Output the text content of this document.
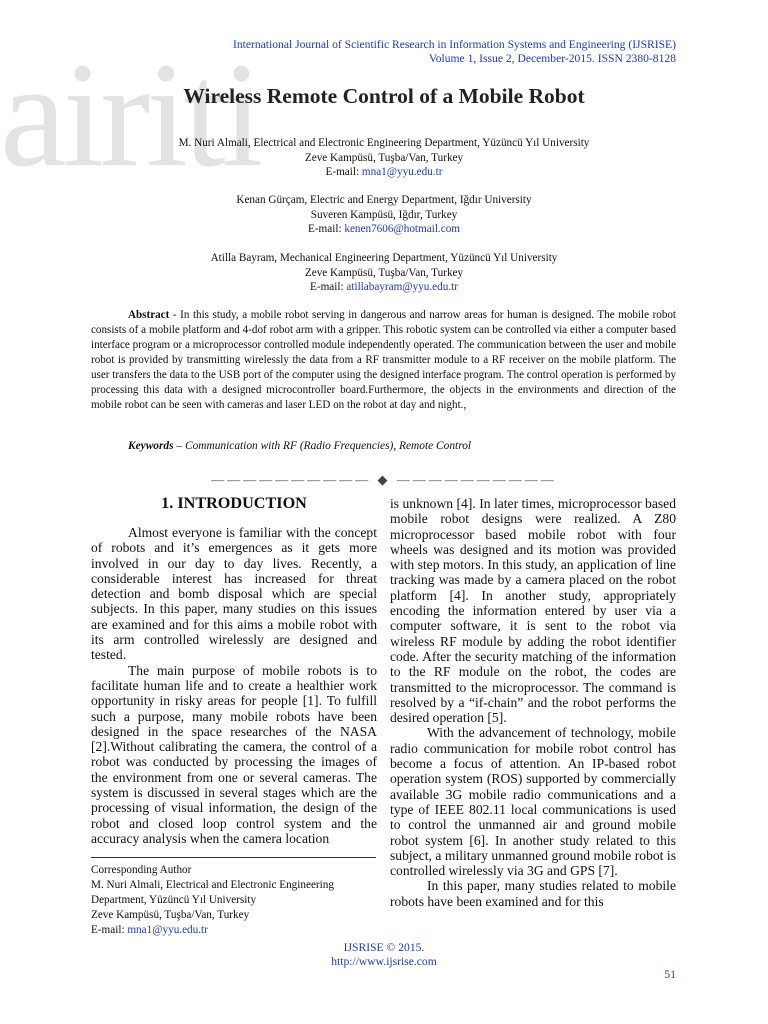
airiti
International Journal of Scientific Research in Information Systems and Engineering (IJSRISE)
Volume 1, Issue 2, December-2015. ISSN 2380-8128
Wireless Remote Control of a Mobile Robot
M. Nuri Almali, Electrical and Electronic Engineering Department, Yüzüncü Yıl University
Zeve Kampüsü, Tuşba/Van, Turkey
E-mail: mna1@yyu.edu.tr
Kenan Gürçam, Electric and Energy Department, Iğdır University
Suveren Kampüsü, Iğdır, Turkey
E-mail: kenen7606@hotmail.com
Atilla Bayram, Mechanical Engineering Department, Yüzüncü Yıl University
Zeve Kampüsü, Tuşba/Van, Turkey
E-mail: atillabayram@yyu.edu.tr
Abstract - In this study, a mobile robot serving in dangerous and narrow areas for human is designed. The mobile robot consists of a mobile platform and 4-dof robot arm with a gripper. This robotic system can be controlled via either a computer based interface program or a microprocessor controlled module independently operated. The communication between the user and mobile robot is provided by transmitting wirelessly the data from a RF transmitter module to a RF receiver on the mobile platform. The user transfers the data to the USB port of the computer using the designed interface program. The control operation is performed by processing this data with a designed microcontroller board.Furthermore, the objects in the environments and direction of the mobile robot can be seen with cameras and laser LED on the robot at day and night.,
Keywords – Communication with RF (Radio Frequencies), Remote Control
—————————— ◆ ——————————
1. INTRODUCTION

Almost everyone is familiar with the concept of robots and it’s emergences as it gets more involved in our day to day lives. Recently, a considerable interest has increased for threat detection and bomb disposal which are special subjects. In this paper, many studies on this issues are examined and for this aims a mobile robot with its arm controlled wirelessly are designed and tested.

The main purpose of mobile robots is to facilitate human life and to create a healthier work opportunity in risky areas for people [1]. To fulfill such a purpose, many mobile robots have been designed in the space researches of the NASA [2].Without calibrating the camera, the control of a robot was conducted by processing the images of the environment from one or several cameras. The system is discussed in several stages which are the processing of visual information, the design of the robot and closed loop control system and the accuracy analysis when the camera location

is unknown [4]. In later times, microprocessor based mobile robot designs were realized. A Z80 microprocessor based mobile robot with four wheels was designed and its motion was provided with step motors. In this study, an application of line tracking was made by a camera placed on the robot platform [4]. In another study, appropriately encoding the information entered by user via a computer software, it is sent to the robot via wireless RF module by adding the robot identifier code. After the security matching of the information to the RF module on the robot, the codes are transmitted to the microprocessor. The command is resolved by a “if-chain” and the robot performs the desired operation [5].

With the advancement of technology, mobile radio communication for mobile robot control has become a focus of attention. An IP-based robot operation system (ROS) supported by commercially available 3G mobile radio communications and a type of IEEE 802.11 local communications is used to control the unmanned air and ground mobile robot system [6]. In another study related to this subject, a military unmanned ground mobile robot is controlled wirelessly via 3G and GPS [7].

In this paper, many studies related to mobile robots have been examined and for this

Corresponding Author
M. Nuri Almali, Electrical and Electronic Engineering
Department, Yüzüncü Yıl University
Zeve Kampüsü, Tuşba/Van, Turkey
E-mail: mna1@yyu.edu.tr
IJSRISE © 2015.
http://www.ijsrise.com
51
